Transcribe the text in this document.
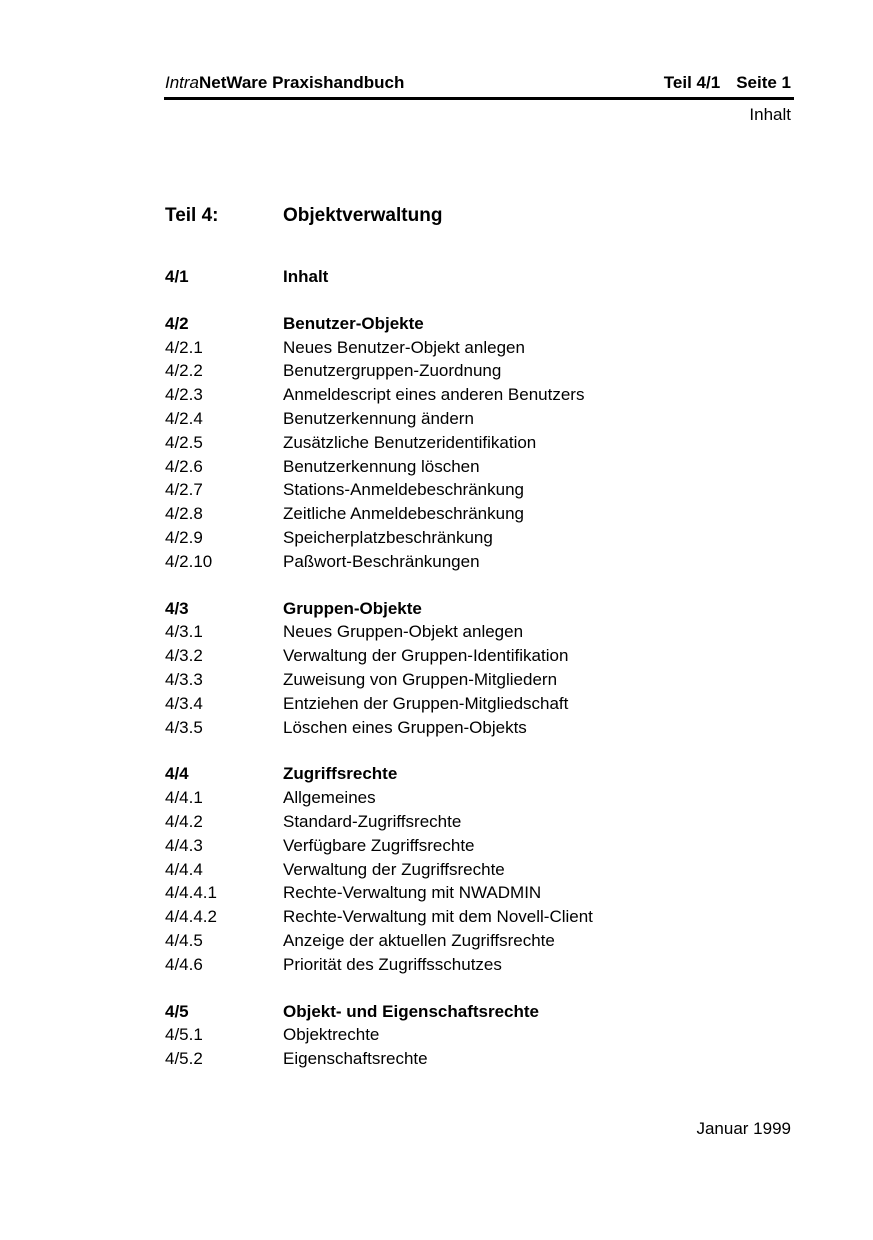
IntraNetWare Praxishandbuch	Teil 4/1 Seite 1
Inhalt
Teil 4:	Objektverwaltung
4/1	Inhalt
4/2	Benutzer-Objekte
4/2.1	Neues Benutzer-Objekt anlegen
4/2.2	Benutzergruppen-Zuordnung
4/2.3	Anmeldescript eines anderen Benutzers
4/2.4	Benutzerkennung ändern
4/2.5	Zusätzliche Benutzeridentifikation
4/2.6	Benutzerkennung löschen
4/2.7	Stations-Anmeldebeschränkung
4/2.8	Zeitliche Anmeldebeschränkung
4/2.9	Speicherplatzbeschränkung
4/2.10	Paßwort-Beschränkungen
4/3	Gruppen-Objekte
4/3.1	Neues Gruppen-Objekt anlegen
4/3.2	Verwaltung der Gruppen-Identifikation
4/3.3	Zuweisung von Gruppen-Mitgliedern
4/3.4	Entziehen der Gruppen-Mitgliedschaft
4/3.5	Löschen eines Gruppen-Objekts
4/4	Zugriffsrechte
4/4.1	Allgemeines
4/4.2	Standard-Zugriffsrechte
4/4.3	Verfügbare Zugriffsrechte
4/4.4	Verwaltung der Zugriffsrechte
4/4.4.1	Rechte-Verwaltung mit NWADMIN
4/4.4.2	Rechte-Verwaltung mit dem Novell-Client
4/4.5	Anzeige der aktuellen Zugriffsrechte
4/4.6	Priorität des Zugriffsschutzes
4/5	Objekt- und Eigenschaftsrechte
4/5.1	Objektrechte
4/5.2	Eigenschaftsrechte
Januar 1999
